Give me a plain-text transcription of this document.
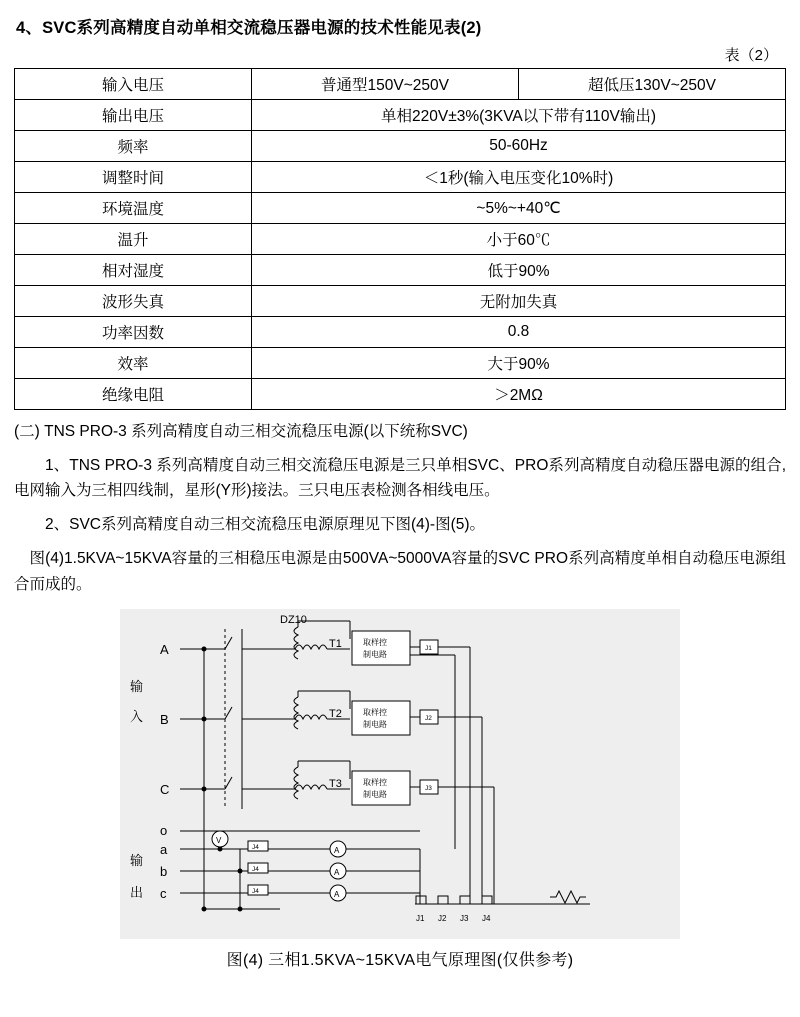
4、SVC系列高精度自动单相交流稳压器电源的技术性能见表(2)
表（2）
输入电压	普通型150V~250V	超低压130V~250V
输出电压	单相220V±3%(3KVA以下带有110V输出)	
频率	50-60Hz	
调整时间	＜1秒(输入电压变化10%时)	
环境温度	~5%~+40℃	
温升	小于60℃	
相对湿度	低于90%	
波形失真	无附加失真	
功率因数	0.8	
效率	大于90%	
绝缘电阻	＞2MΩ	
(二) TNS PRO-3 系列高精度自动三相交流稳压电源(以下统称SVC)
1、TNS PRO-3 系列高精度自动三相交流稳压电源是三只单相SVC、PRO系列高精度自动稳压器电源的组合,电网输入为三相四线制，星形(Y形)接法。三只电压表检测各相线电压。
2、SVC系列高精度自动三相交流稳压电源原理见下图(4)-图(5)。
图(4)1.5KVA~15KVA容量的三相稳压电源是由500VA~5000VA容量的SVC PRO系列高精度单相自动稳压电源组合而成的。
DZ10
A
B
C
o
输
入
输
出
T1
T2
T3
取样控
制电路
取样控
制电路
取样控
制电路
J1
J2
J3
a
b
c
J4
J4
J4
V
A
A
A
J1 J2 J3 J4
图(4) 三相1.5KVA~15KVA电气原理图(仅供参考)
